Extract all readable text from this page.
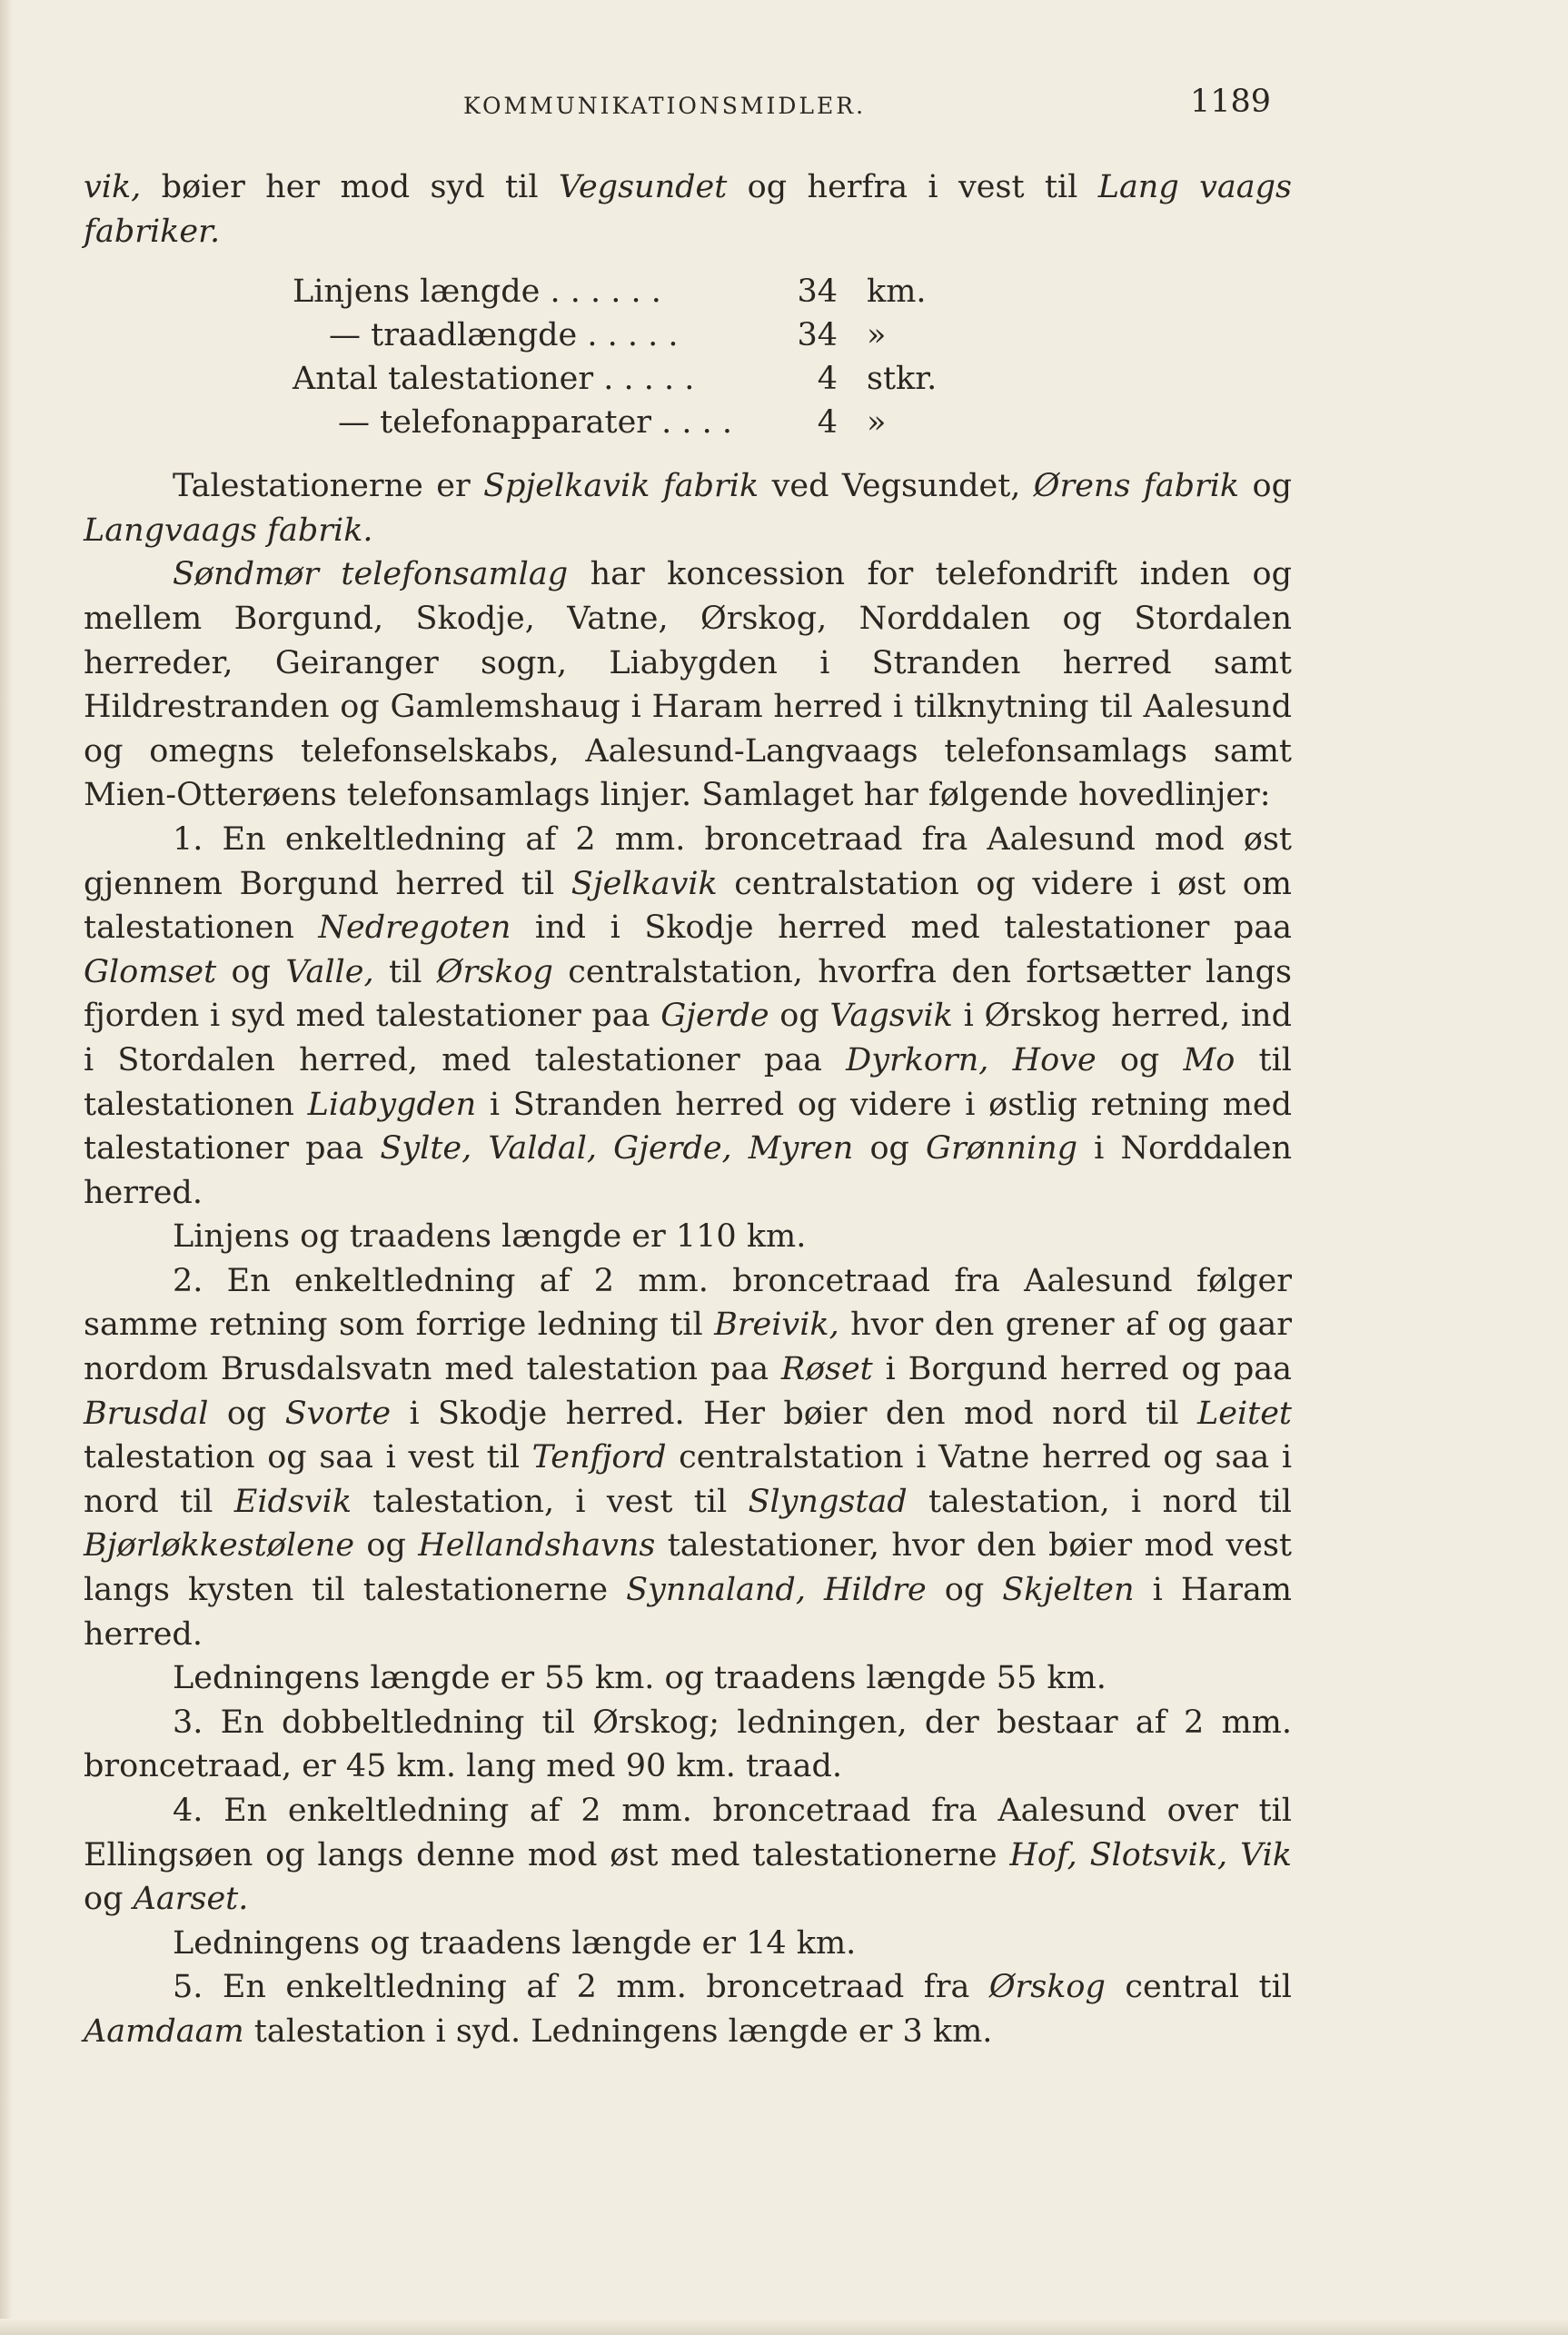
KOMMUNIKATIONSMIDLER.	1189

vik, bøier her mod syd til Vegsundet og herfra i vest til Lang vaags fabriker.

Linjens længde . . . . . .	34 km.
— traadlængde . . . . .	34 »
Antal talestationer . . . . .	4 stkr.
— telefonapparater . . . .	4 »

Talestationerne er Spjelkavik fabrik ved Vegsundet, Ørens fabrik og Langvaags fabrik.

Søndmør telefonsamlag har koncession for telefondrift inden og mellem Borgund, Skodje, Vatne, Ørskog, Norddalen og Stordalen herreder, Geiranger sogn, Liabygden i Stranden herred samt Hildrestranden og Gamlemshaug i Haram herred i tilknytning til Aalesund og omegns telefonselskabs, Aalesund-Langvaags telefonsamlags samt Mien-Otterøens telefonsamlags linjer. Samlaget har følgende hovedlinjer:

1. En enkeltledning af 2 mm. broncetraad fra Aalesund mod øst gjennem Borgund herred til Sjelkavik centralstation og videre i øst om talestationen Nedregoten ind i Skodje herred med talestationer paa Glomset og Valle, til Ørskog centralstation, hvorfra den fortsætter langs fjorden i syd med talestationer paa Gjerde og Vagsvik i Ørskog herred, ind i Stordalen herred, med talestationer paa Dyrkorn, Hove og Mo til talestationen Liabygden i Stranden herred og videre i østlig retning med talestationer paa Sylte, Valdal, Gjerde, Myren og Grønning i Norddalen herred.

Linjens og traadens længde er 110 km.

2. En enkeltledning af 2 mm. broncetraad fra Aalesund følger samme retning som forrige ledning til Breivik, hvor den grener af og gaar nordom Brusdalsvatn med talestation paa Røset i Borgund herred og paa Brusdal og Svorte i Skodje herred. Her bøier den mod nord til Leitet talestation og saa i vest til Tenfjord centralstation i Vatne herred og saa i nord til Eidsvik talestation, i vest til Slyngstad talestation, i nord til Bjørløkkestølene og Hellandshavns talestationer, hvor den bøier mod vest langs kysten til talestationerne Synnaland, Hildre og Skjelten i Haram herred.

Ledningens længde er 55 km. og traadens længde 55 km.

3. En dobbeltledning til Ørskog; ledningen, der bestaar af 2 mm. broncetraad, er 45 km. lang med 90 km. traad.

4. En enkeltledning af 2 mm. broncetraad fra Aalesund over til Ellingsøen og langs denne mod øst med talestationerne Hof, Slotsvik, Vik og Aarset.

Ledningens og traadens længde er 14 km.

5. En enkeltledning af 2 mm. broncetraad fra Ørskog central til Aamdaam talestation i syd. Ledningens længde er 3 km.
